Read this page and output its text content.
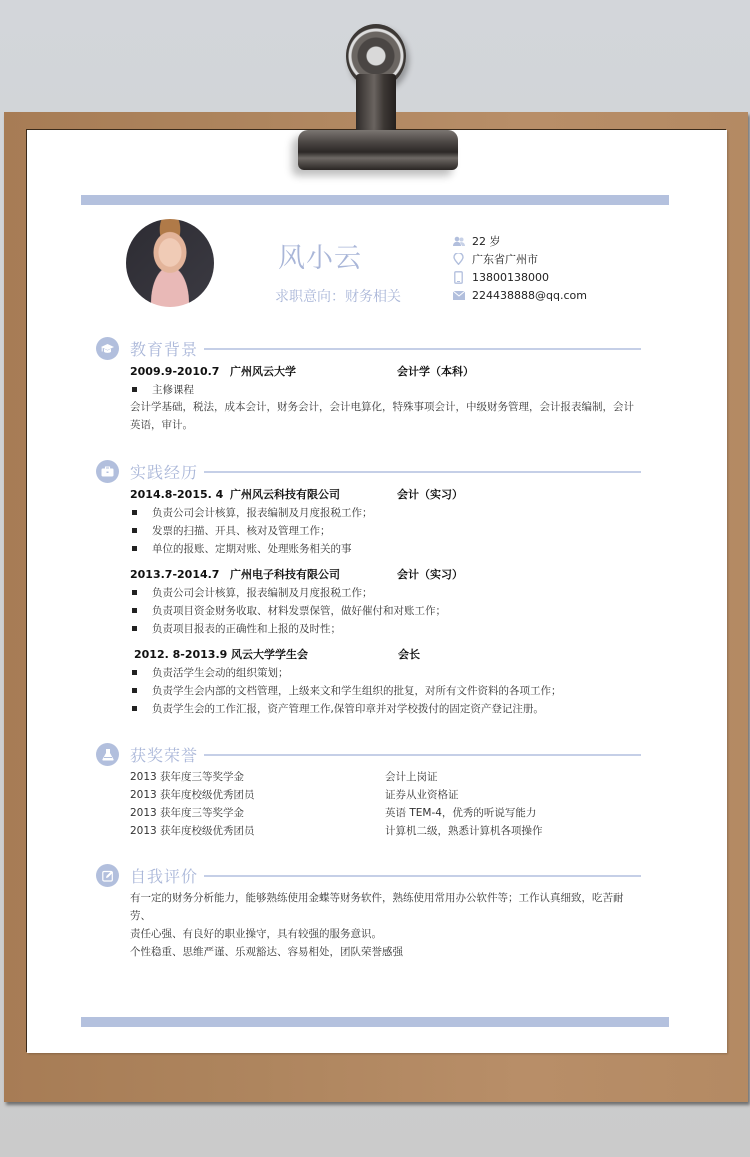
风小云
求职意向：财务相关
22 岁
广东省广州市
13800138000
224438888@qq.com
教育背景
2009.9-2010.7 广州风云大学	会计学（本科）
主修课程
会计学基础，税法，成本会计，财务会计，会计电算化，特殊事项会计，中级财务管理，会计报表编制，会计英语，审计。
实践经历
2014.8-2015. 4 广州风云科技有限公司	会计（实习）
负责公司会计核算，报表编制及月度报税工作；
发票的扫描、开具、核对及管理工作；
单位的报账、定期对账、处理账务相关的事
2013.7-2014.7 广州电子科技有限公司	会计（实习）
负责公司会计核算，报表编制及月度报税工作；
负责项目资金财务收取、材料发票保管，做好催付和对账工作；
负责项目报表的正确性和上报的及时性；
2012. 8-2013.9 风云大学学生会	会长
负责活学生会动的组织策划；
负责学生会内部的文档管理，上级来文和学生组织的批复，对所有文件资料的各项工作；
负责学生会的工作汇报，资产管理工作,保管印章并对学校拨付的固定资产登记注册。
获奖荣誉
2013 获年度三等奖学金	会计上岗证
2013 获年度校级优秀团员	证券从业资格证
2013 获年度三等奖学金	英语 TEM-4，优秀的听说写能力
2013 获年度校级优秀团员	计算机二级，熟悉计算机各项操作
自我评价
有一定的财务分析能力，能够熟练使用金蝶等财务软件，熟练使用常用办公软件等；工作认真细致，吃苦耐劳、
责任心强、有良好的职业操守，具有较强的服务意识。
个性稳重、思维严谨、乐观豁达、容易相处，团队荣誉感强
